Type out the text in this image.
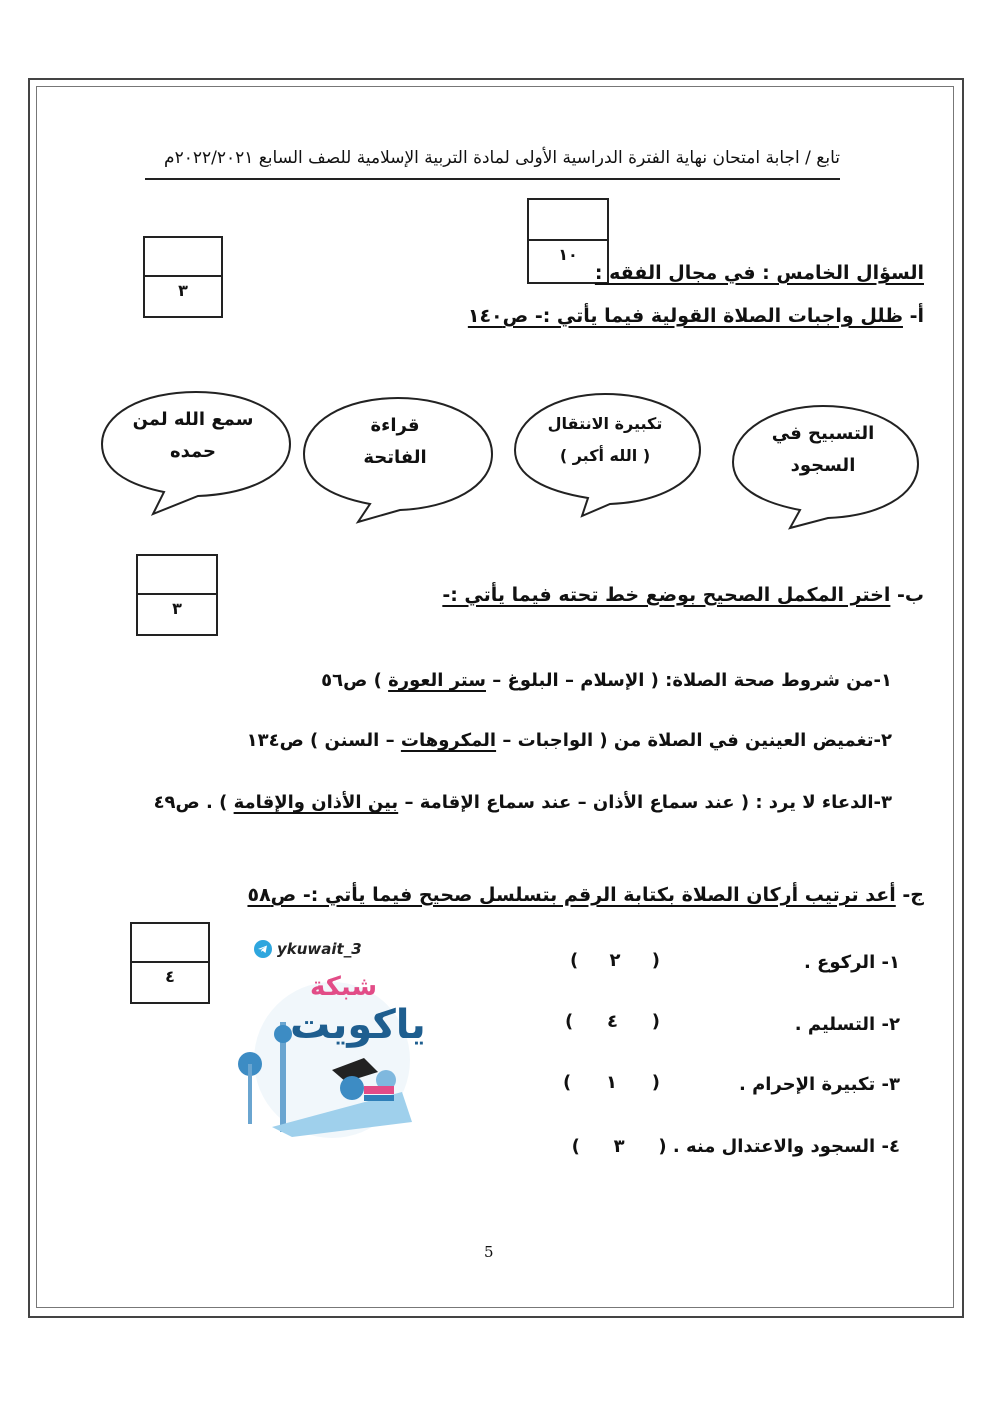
تابع / اجابة امتحان نهاية الفترة الدراسية الأولى لمادة التربية الإسلامية للصف السابع ٢٠٢٢/٢٠٢١م
١٠
السؤال الخامس : في مجال الفقه :
٣
أ- ظلل واجبات الصلاة القولية فيما يأتي :- ص١٤٠
التسبيح في
السجود
تكبيرة الانتقال
( الله أكبر )
قراءة
الفاتحة
سمع الله لمن
حمده
٣
ب- اختر المكمل الصحيح بوضع خط تحته فيما يأتي :-
١-من شروط صحة الصلاة: ( الإسلام – البلوغ – ستر العورة ) ص٥٦
٢-تغميض العينين في الصلاة من ( الواجبات – المكروهات – السنن ) ص١٣٤
٣-الدعاء لا يرد : ( عند سماع الأذان – عند سماع الإقامة – بين الأذان والإقامة ) . ص٤٩
ج- أعد ترتيب أركان الصلاة بكتابة الرقم بتسلسل صحيح فيما يأتي :- ص٥٨
٤
١- الركوع .
( ٢ )
٢- التسليم .
( ٤ )
٣- تكبيرة الإحرام .
( ١ )
٤- السجود والاعتدال منه .
( ٣ )
ykuwait_3
شبكة
ياكويت
5
